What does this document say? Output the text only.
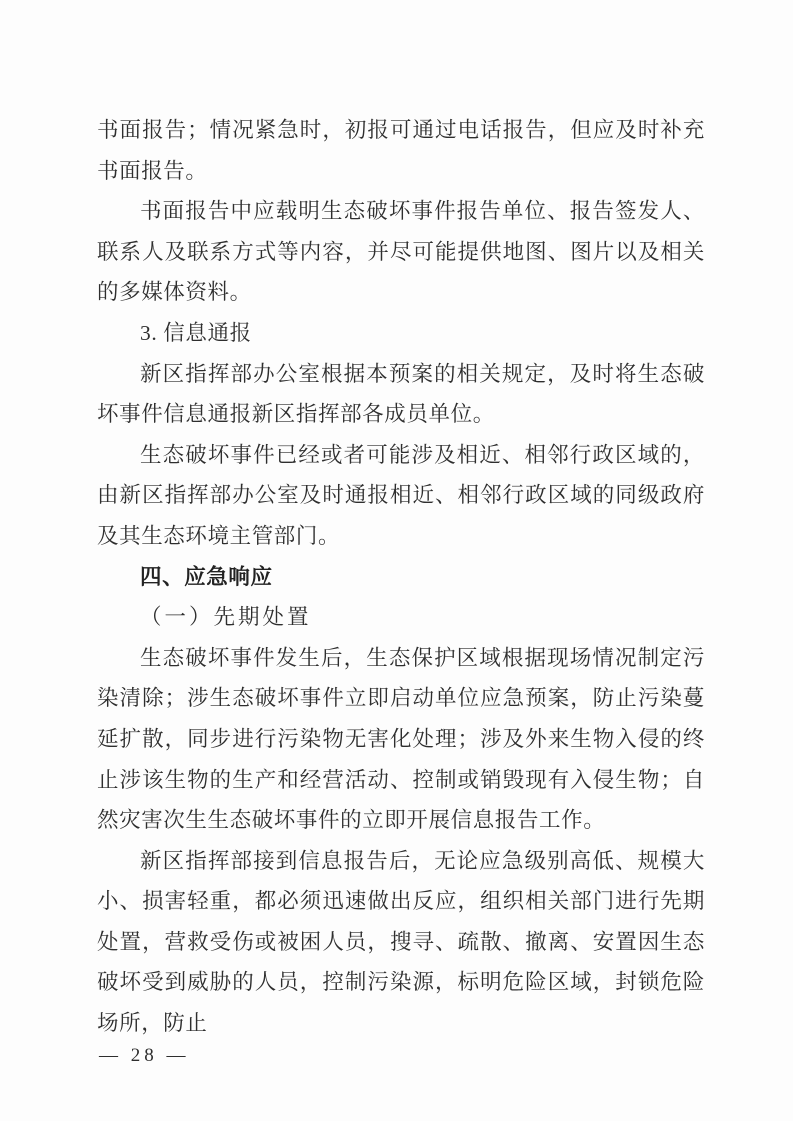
书面报告；情况紧急时，初报可通过电话报告，但应及时补充书面报告。

书面报告中应载明生态破坏事件报告单位、报告签发人、联系人及联系方式等内容，并尽可能提供地图、图片以及相关的多媒体资料。

3. 信息通报

新区指挥部办公室根据本预案的相关规定，及时将生态破坏事件信息通报新区指挥部各成员单位。

生态破坏事件已经或者可能涉及相近、相邻行政区域的，由新区指挥部办公室及时通报相近、相邻行政区域的同级政府及其生态环境主管部门。

四、应急响应

（一）先期处置

生态破坏事件发生后，生态保护区域根据现场情况制定污染清除；涉生态破坏事件立即启动单位应急预案，防止污染蔓延扩散，同步进行污染物无害化处理；涉及外来生物入侵的终止涉该生物的生产和经营活动、控制或销毁现有入侵生物；自然灾害次生生态破坏事件的立即开展信息报告工作。

新区指挥部接到信息报告后，无论应急级别高低、规模大小、损害轻重，都必须迅速做出反应，组织相关部门进行先期处置，营救受伤或被困人员，搜寻、疏散、撤离、安置因生态破坏受到威胁的人员，控制污染源，标明危险区域，封锁危险场所，防止

— 28 —
